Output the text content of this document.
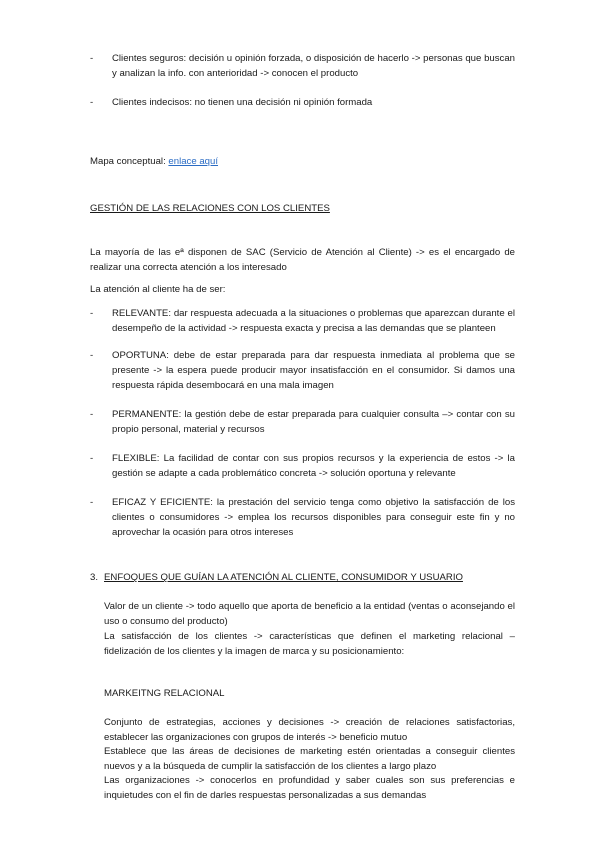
-	Clientes seguros: decisión u opinión forzada, o disposición de hacerlo -> personas que buscan y analizan la info. con anterioridad -> conocen el producto
-	Clientes indecisos: no tienen una decisión ni opinión formada
Mapa conceptual: enlace aquí
GESTIÓN DE LAS RELACIONES CON LOS CLIENTES
La mayoría de las eª disponen de SAC (Servicio de Atención al Cliente) -> es el encargado de realizar una correcta atención a los interesado
La atención al cliente ha de ser:
-	RELEVANTE: dar respuesta adecuada a la situaciones o problemas que aparezcan durante el desempeño de la actividad -> respuesta exacta y precisa a las demandas que se planteen
-	OPORTUNA: debe de estar preparada para dar respuesta inmediata al problema que se presente -> la espera puede producir mayor insatisfacción en el consumidor. Si damos una respuesta rápida desembocará en una mala imagen
-	PERMANENTE: la gestión debe de estar preparada para cualquier consulta –> contar con su propio personal, material y recursos
-	FLEXIBLE: La facilidad de contar con sus propios recursos y la experiencia de estos -> la gestión se adapte a cada problemático concreta -> solución oportuna y relevante
-	EFICAZ Y EFICIENTE: la prestación del servicio tenga como objetivo la satisfacción de los clientes o consumidores -> emplea los recursos disponibles para conseguir este fin y no aprovechar la ocasión para otros intereses
3. ENFOQUES QUE GUÍAN LA ATENCIÓN AL CLIENTE, CONSUMIDOR Y USUARIO
Valor de un cliente -> todo aquello que aporta de beneficio a la entidad (ventas o aconsejando el uso o consumo del producto)
La satisfacción de los clientes -> características que definen el marketing relacional – fidelización de los clientes y la imagen de marca y su posicionamiento:
MARKEITNG RELACIONAL
Conjunto de estrategias, acciones y decisiones -> creación de relaciones satisfactorias, establecer las organizaciones con grupos de interés -> beneficio mutuo
Establece que las áreas de decisiones de marketing estén orientadas a conseguir clientes nuevos y a la búsqueda de cumplir la satisfacción de los clientes a largo plazo
Las organizaciones -> conocerlos en profundidad y saber cuales son sus preferencias e inquietudes con el fin de darles respuestas personalizadas a sus demandas
